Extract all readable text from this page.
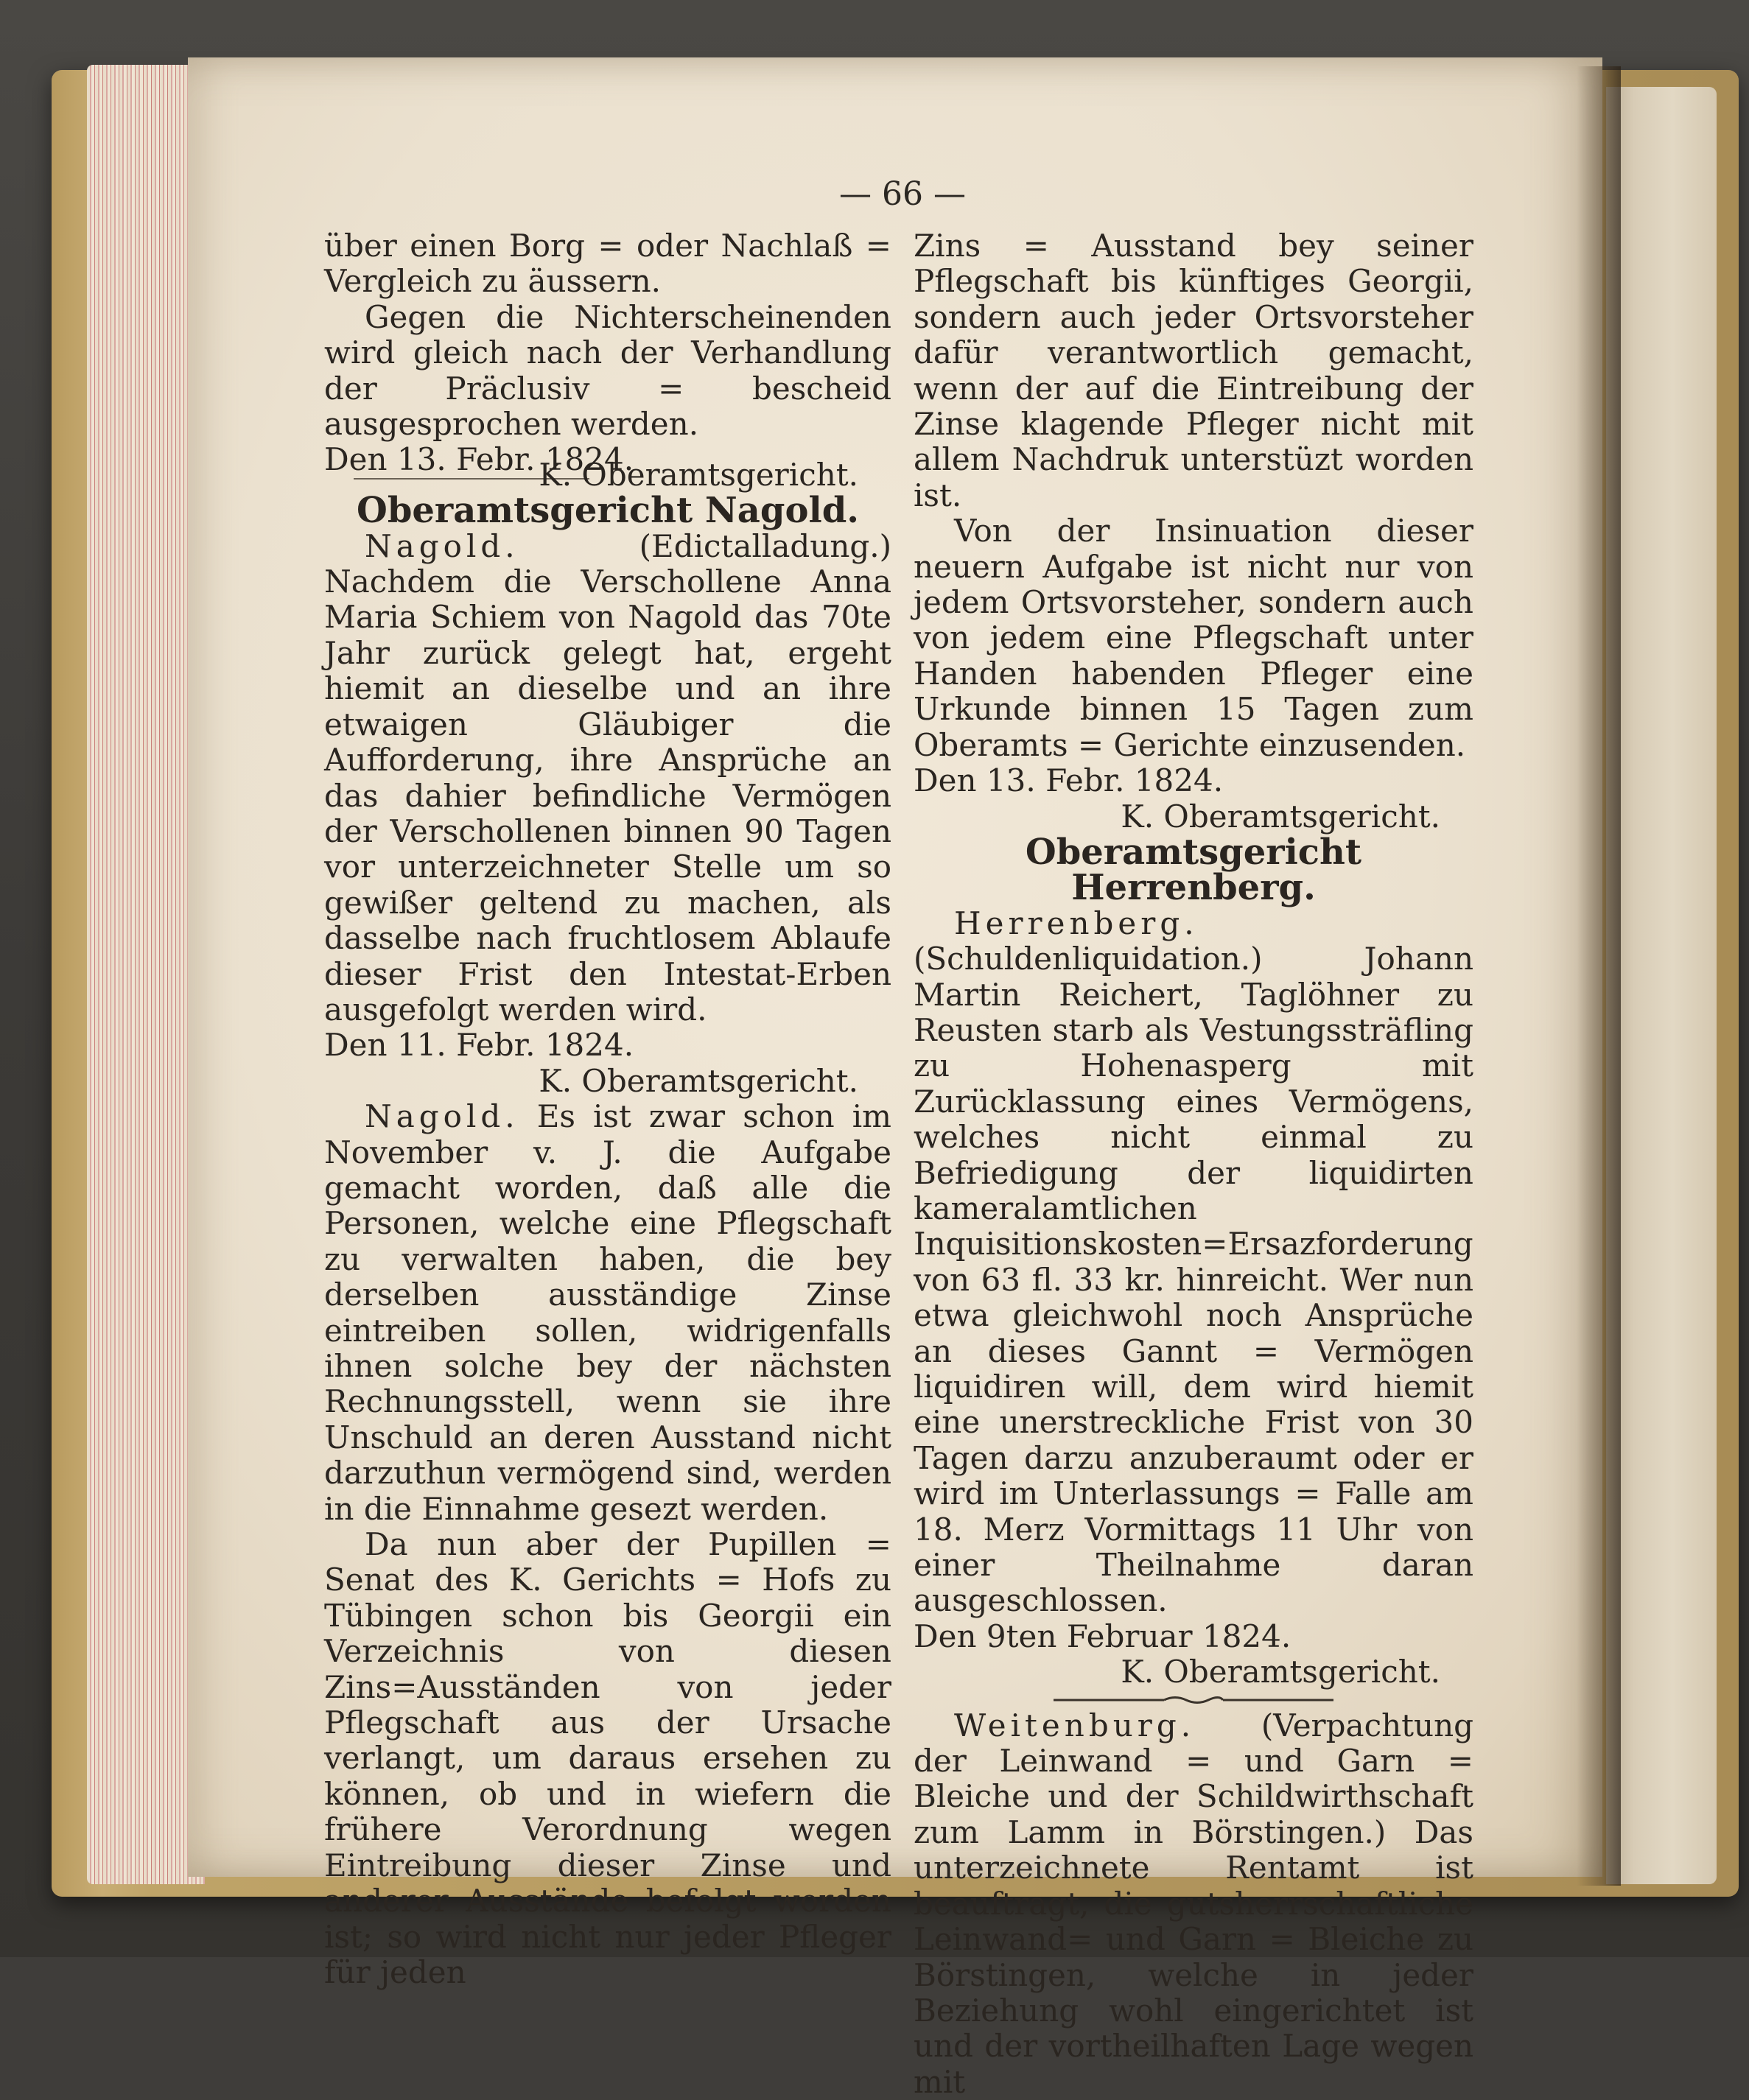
— 66 —

über einen Borg = oder Nachlaß = Vergleich zu äussern.

Gegen die Nichterscheinenden wird gleich nach der Verhandlung der Präclusiv = bescheid ausgesprochen werden.

Den 13. Febr. 1824.

K. Oberamtsgericht.

Oberamtsgericht Nagold.

Nagold.	(Edictalladung.) Nachdem die Verschollene Anna Maria Schiem von Nagold das 70te Jahr zurück gelegt hat, ergeht hiemit an dieselbe und an ihre etwaigen Gläubiger die Aufforderung, ihre Ansprüche an das dahier befindliche Vermögen der Verschollenen binnen 90 Tagen vor unterzeichneter Stelle um so gewißer geltend zu machen, als dasselbe nach fruchtlosem Ablaufe dieser Frist den Intestat-Erben ausgefolgt werden wird.

Den 11. Febr. 1824.

K. Oberamtsgericht.

Nagold. Es ist zwar schon im November v. J. die Aufgabe gemacht worden, daß alle die Personen, welche eine Pflegschaft zu verwalten haben, die bey derselben ausständige Zinse eintreiben sollen, widrigenfalls ihnen solche bey der nächsten Rechnungsstell, wenn sie ihre Unschuld an deren Ausstand nicht darzuthun vermögend sind, werden in die Einnahme gesezt werden.

Da nun aber der Pupillen = Senat des K. Gerichts = Hofs zu Tübingen schon bis Georgii ein Verzeichnis von diesen Zins=Ausständen von jeder Pflegschaft aus der Ursache verlangt, um daraus ersehen zu können, ob und in wiefern die frühere Verordnung wegen Eintreibung dieser Zinse und anderer Ausstände befolgt worden ist; so wird nicht nur jeder Pfleger für jeden

Zins = Ausstand bey seiner Pflegschaft bis künftiges Georgii, sondern auch jeder Ortsvorsteher dafür verantwortlich gemacht, wenn der auf die Eintreibung der Zinse klagende Pfleger nicht mit allem Nachdruk unterstüzt worden ist.

Von der Insinuation dieser neuern Aufgabe ist nicht nur von jedem Ortsvorsteher, sondern auch von jedem eine Pflegschaft unter Handen habenden Pfleger eine Urkunde binnen 15 Tagen zum Oberamts = Gerichte einzusenden.

Den 13. Febr. 1824.

K. Oberamtsgericht.

Oberamtsgericht Herrenberg.

Herrenberg. (Schuldenliquidation.) Johann Martin Reichert, Taglöhner zu Reusten starb als Vestungssträfling zu Hohenasperg mit Zurücklassung eines Vermögens, welches nicht einmal zu Befriedigung der liquidirten kameralamtlichen Inquisitionskosten=Ersazforderung von 63 fl. 33 kr. hinreicht. Wer nun etwa gleichwohl noch Ansprüche an dieses Gannt = Vermögen liquidiren will, dem wird hiemit eine unerstreckliche Frist von 30 Tagen darzu anzuberaumt oder er wird im Unterlassungs = Falle am 18. Merz Vormittags 11 Uhr von einer Theilnahme daran ausgeschlossen.

Den 9ten Februar 1824.

K. Oberamtsgericht.

Weitenburg. (Verpachtung der Leinwand = und Garn = Bleiche und der Schildwirthschaft zum Lamm in Börstingen.) Das unterzeichnete Rentamt ist beauftragt, die gutsherrschaftliche Leinwand= und Garn = Bleiche zu Börstingen, welche in jeder Beziehung wohl eingerichtet ist und der vortheilhaften Lage wegen mit
